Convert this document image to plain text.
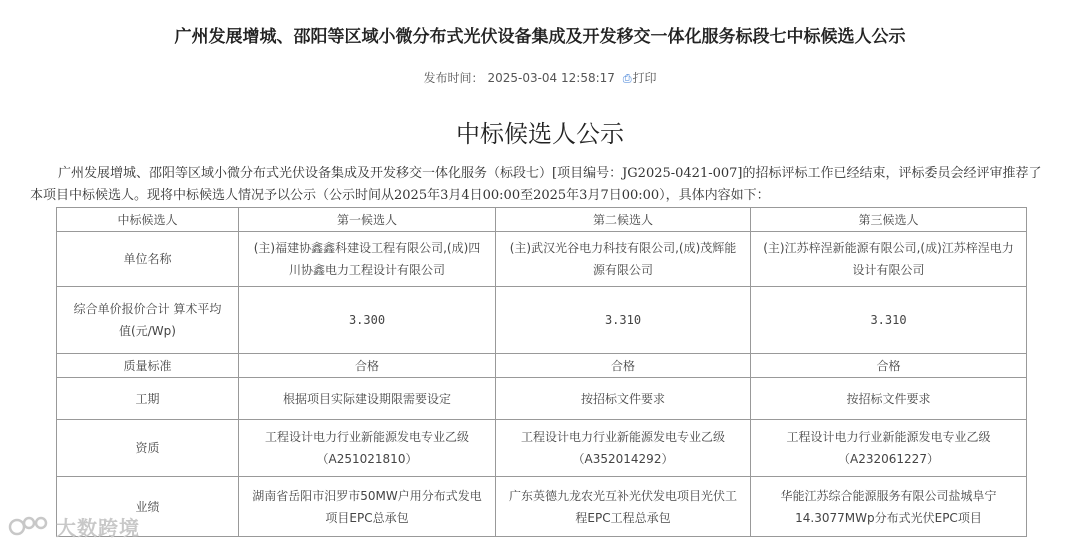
广州发展增城、邵阳等区域小微分布式光伏设备集成及开发移交一体化服务标段七中标候选人公示
发布时间： 2025-03-04 12:58:17 ⎙打印
中标候选人公示
广州发展增城、邵阳等区域小微分布式光伏设备集成及开发移交一体化服务（标段七）[项目编号：JG2025-0421-007]的招标评标工作已经结束，评标委员会经评审推荐了本项目中标候选人。现将中标候选人情况予以公示（公示时间从2025年3月4日00:00至2025年3月7日00:00），具体内容如下：
中标候选人	第一候选人	第二候选人	第三候选人
单位名称	(主)福建协鑫鑫科建设工程有限公司,(成)四川协鑫电力工程设计有限公司	(主)武汉光谷电力科技有限公司,(成)茂辉能源有限公司	(主)江苏梓浧新能源有限公司,(成)江苏梓浧电力设计有限公司
综合单价报价合计 算术平均值(元/Wp)	3.300	3.310	3.310
质量标准	合格	合格	合格
工期	根据项目实际建设期限需要设定	按招标文件要求	按招标文件要求
资质	工程设计电力行业新能源发电专业乙级（A251021810）	工程设计电力行业新能源发电专业乙级（A352014292）	工程设计电力行业新能源发电专业乙级（A232061227）
业绩	湖南省岳阳市汨罗市50MW户用分布式发电项目EPC总承包	广东英德九龙农光互补光伏发电项目光伏工程EPC工程总承包	华能江苏综合能源服务有限公司盐城阜宁14.3077MWp分布式光伏EPC项目
大数跨境
